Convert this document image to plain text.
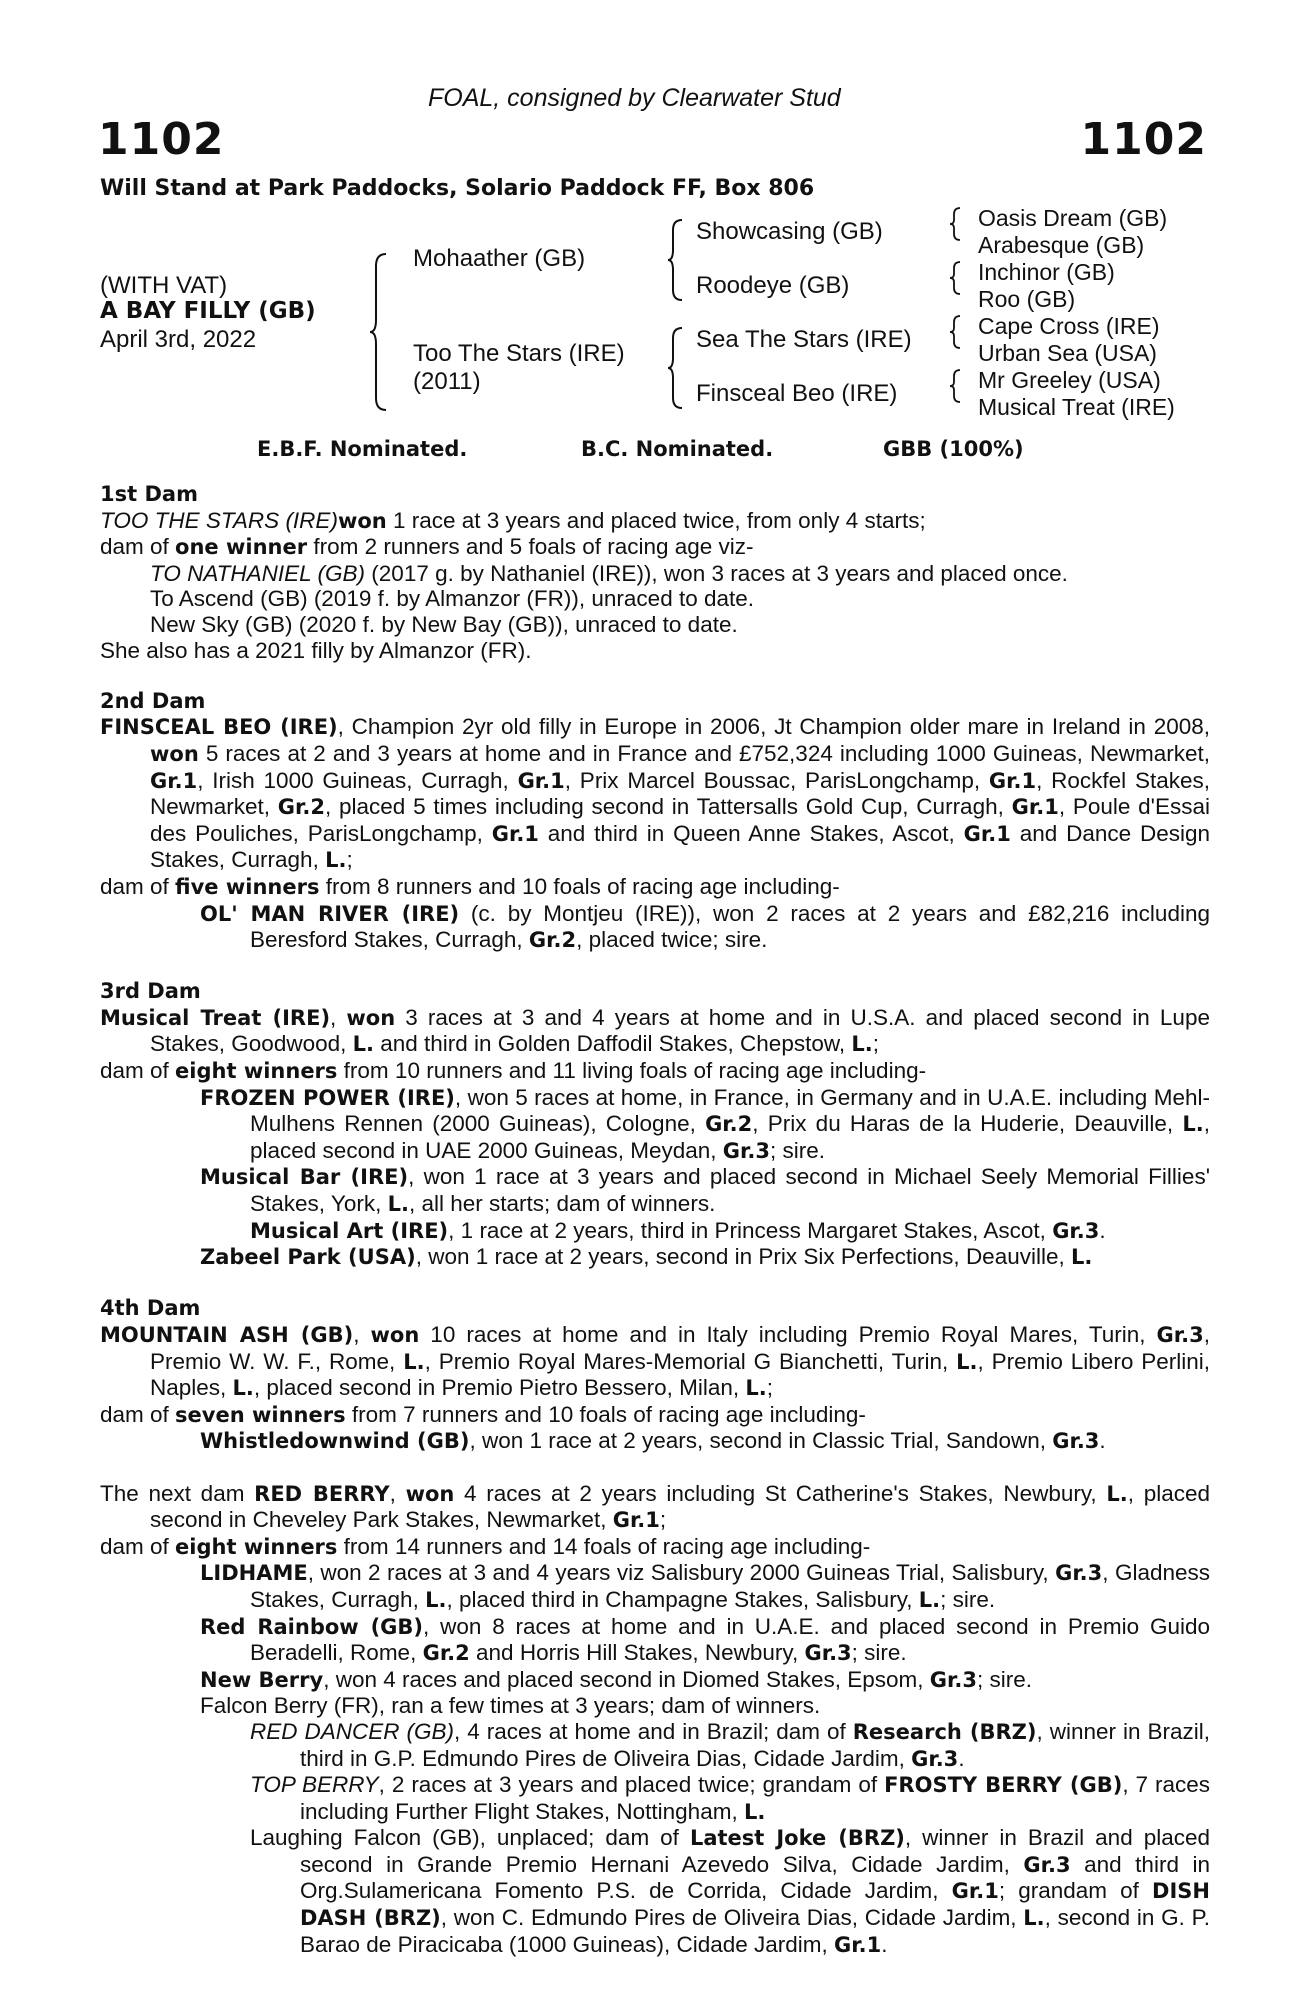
FOAL, consigned by Clearwater Stud
1102	1102
Will Stand at Park Paddocks, Solario Paddock FF, Box 806
(WITH VAT)
A BAY FILLY (GB)
April 3rd, 2022
Mohaather (GB)
Too The Stars (IRE)
(2011)
Showcasing (GB)
Roodeye (GB)
Sea The Stars (IRE)
Finsceal Beo (IRE)
Oasis Dream (GB)
Arabesque (GB)
Inchinor (GB)
Roo (GB)
Cape Cross (IRE)
Urban Sea (USA)
Mr Greeley (USA)
Musical Treat (IRE)
E.B.F. Nominated.	B.C. Nominated.	GBB (100%)
1st Dam
TOO THE STARS (IRE)won 1 race at 3 years and placed twice, from only 4 starts;
dam of one winner from 2 runners and 5 foals of racing age viz-
TO NATHANIEL (GB) (2017 g. by Nathaniel (IRE)), won 3 races at 3 years and placed once.
To Ascend (GB) (2019 f. by Almanzor (FR)), unraced to date.
New Sky (GB) (2020 f. by New Bay (GB)), unraced to date.
She also has a 2021 filly by Almanzor (FR).
2nd Dam
FINSCEAL BEO (IRE), Champion 2yr old filly in Europe in 2006, Jt Champion older mare in Ireland in 2008, won 5 races at 2 and 3 years at home and in France and £752,324 including 1000 Guineas, Newmarket, Gr.1, Irish 1000 Guineas, Curragh, Gr.1, Prix Marcel Boussac, ParisLongchamp, Gr.1, Rockfel Stakes, Newmarket, Gr.2, placed 5 times including second in Tattersalls Gold Cup, Curragh, Gr.1, Poule d'Essai des Pouliches, ParisLongchamp, Gr.1 and third in Queen Anne Stakes, Ascot, Gr.1 and Dance Design Stakes, Curragh, L.;
dam of five winners from 8 runners and 10 foals of racing age including-
OL' MAN RIVER (IRE) (c. by Montjeu (IRE)), won 2 races at 2 years and £82,216 including Beresford Stakes, Curragh, Gr.2, placed twice; sire.
3rd Dam
Musical Treat (IRE), won 3 races at 3 and 4 years at home and in U.S.A. and placed second in Lupe Stakes, Goodwood, L. and third in Golden Daffodil Stakes, Chepstow, L.;
dam of eight winners from 10 runners and 11 living foals of racing age including-
FROZEN POWER (IRE), won 5 races at home, in France, in Germany and in U.A.E. including Mehl-Mulhens Rennen (2000 Guineas), Cologne, Gr.2, Prix du Haras de la Huderie, Deauville, L., placed second in UAE 2000 Guineas, Meydan, Gr.3; sire.
Musical Bar (IRE), won 1 race at 3 years and placed second in Michael Seely Memorial Fillies' Stakes, York, L., all her starts; dam of winners.
Musical Art (IRE), 1 race at 2 years, third in Princess Margaret Stakes, Ascot, Gr.3.
Zabeel Park (USA), won 1 race at 2 years, second in Prix Six Perfections, Deauville, L.
4th Dam
MOUNTAIN ASH (GB), won 10 races at home and in Italy including Premio Royal Mares, Turin, Gr.3, Premio W. W. F., Rome, L., Premio Royal Mares-Memorial G Bianchetti, Turin, L., Premio Libero Perlini, Naples, L., placed second in Premio Pietro Bessero, Milan, L.;
dam of seven winners from 7 runners and 10 foals of racing age including-
Whistledownwind (GB), won 1 race at 2 years, second in Classic Trial, Sandown, Gr.3.
The next dam RED BERRY, won 4 races at 2 years including St Catherine's Stakes, Newbury, L., placed second in Cheveley Park Stakes, Newmarket, Gr.1;
dam of eight winners from 14 runners and 14 foals of racing age including-
LIDHAME, won 2 races at 3 and 4 years viz Salisbury 2000 Guineas Trial, Salisbury, Gr.3, Gladness Stakes, Curragh, L., placed third in Champagne Stakes, Salisbury, L.; sire.
Red Rainbow (GB), won 8 races at home and in U.A.E. and placed second in Premio Guido Beradelli, Rome, Gr.2 and Horris Hill Stakes, Newbury, Gr.3; sire.
New Berry, won 4 races and placed second in Diomed Stakes, Epsom, Gr.3; sire.
Falcon Berry (FR), ran a few times at 3 years; dam of winners.
RED DANCER (GB), 4 races at home and in Brazil; dam of Research (BRZ), winner in Brazil, third in G.P. Edmundo Pires de Oliveira Dias, Cidade Jardim, Gr.3.
TOP BERRY, 2 races at 3 years and placed twice; grandam of FROSTY BERRY (GB), 7 races including Further Flight Stakes, Nottingham, L.
Laughing Falcon (GB), unplaced; dam of Latest Joke (BRZ), winner in Brazil and placed second in Grande Premio Hernani Azevedo Silva, Cidade Jardim, Gr.3 and third in Org.Sulamericana Fomento P.S. de Corrida, Cidade Jardim, Gr.1; grandam of DISH DASH (BRZ), won C. Edmundo Pires de Oliveira Dias, Cidade Jardim, L., second in G. P. Barao de Piracicaba (1000 Guineas), Cidade Jardim, Gr.1.
